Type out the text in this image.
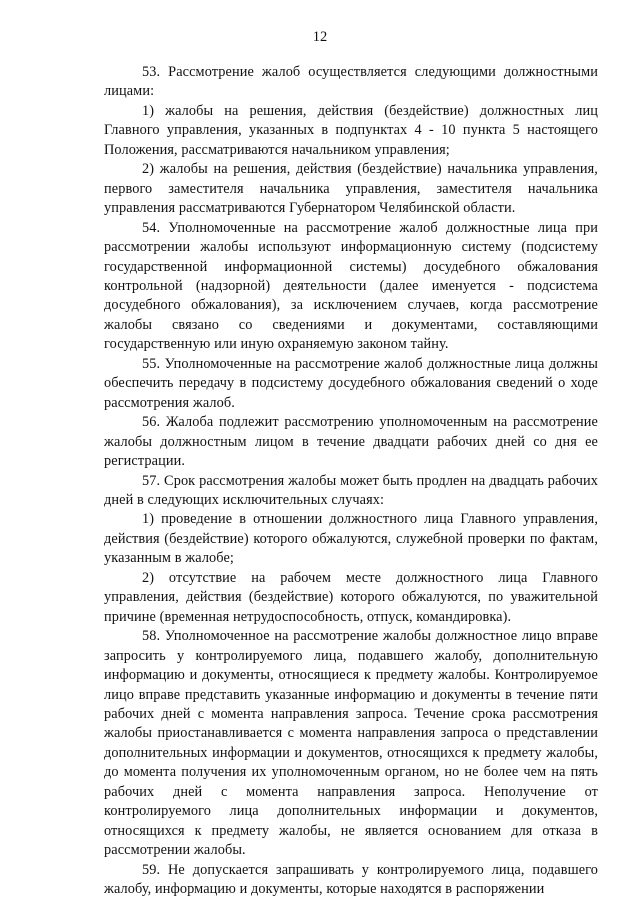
12

53. Рассмотрение жалоб осуществляется следующими должностными лицами:

1) жалобы на решения, действия (бездействие) должностных лиц Главного управления, указанных в подпунктах 4 - 10 пункта 5 настоящего Положения, рассматриваются начальником управления;

2) жалобы на решения, действия (бездействие) начальника управления, первого заместителя начальника управления, заместителя начальника управления рассматриваются Губернатором Челябинской области.

54. Уполномоченные на рассмотрение жалоб должностные лица при рассмотрении жалобы используют информационную систему (подсистему государственной информационной системы) досудебного обжалования контрольной (надзорной) деятельности (далее именуется - подсистема досудебного обжалования), за исключением случаев, когда рассмотрение жалобы связано со сведениями и документами, составляющими государственную или иную охраняемую законом тайну.

55. Уполномоченные на рассмотрение жалоб должностные лица должны обеспечить передачу в подсистему досудебного обжалования сведений о ходе рассмотрения жалоб.

56. Жалоба подлежит рассмотрению уполномоченным на рассмотрение жалобы должностным лицом в течение двадцати рабочих дней со дня ее регистрации.

57. Срок рассмотрения жалобы может быть продлен на двадцать рабочих дней в следующих исключительных случаях:

1) проведение в отношении должностного лица Главного управления, действия (бездействие) которого обжалуются, служебной проверки по фактам, указанным в жалобе;

2) отсутствие на рабочем месте должностного лица Главного управления, действия (бездействие) которого обжалуются, по уважительной причине (временная нетрудоспособность, отпуск, командировка).

58. Уполномоченное на рассмотрение жалобы должностное лицо вправе запросить у контролируемого лица, подавшего жалобу, дополнительную информацию и документы, относящиеся к предмету жалобы. Контролируемое лицо вправе представить указанные информацию и документы в течение пяти рабочих дней с момента направления запроса. Течение срока рассмотрения жалобы приостанавливается с момента направления запроса о представлении дополнительных информации и документов, относящихся к предмету жалобы, до момента получения их уполномоченным органом, но не более чем на пять рабочих дней с момента направления запроса. Неполучение от контролируемого лица дополнительных информации и документов, относящихся к предмету жалобы, не является основанием для отказа в рассмотрении жалобы.

59. Не допускается запрашивать у контролируемого лица, подавшего жалобу, информацию и документы, которые находятся в распоряжении
